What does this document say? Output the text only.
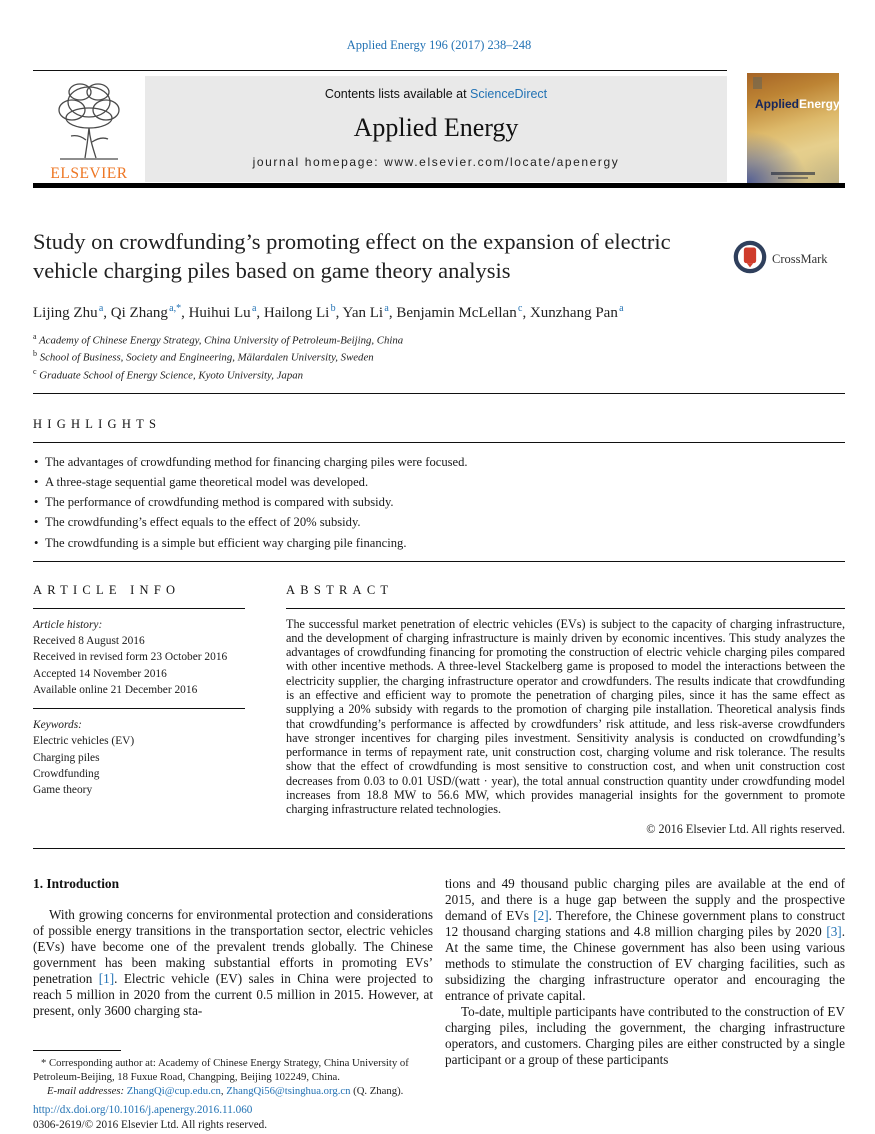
Applied Energy 196 (2017) 238–248
ELSEVIER
Contents lists available at ScienceDirect
Applied Energy
journal homepage: www.elsevier.com/locate/apenergy
AppliedEnergy
Study on crowdfunding’s promoting effect on the expansion of electric vehicle charging piles based on game theory analysis	CrossMark
Lijing Zhu $^a$ , Qi Zhang $^{a,*}$ , Huihui Lu $^a$ , Hailong Li $^b$ , Yan Li $^a$ , Benjamin McLellan $^c$ , Xunzhang Pan $^a$
$^a$ Academy of Chinese Energy Strategy, China University of Petroleum-Beijing, China
$^b$ School of Business, Society and Engineering, Mälardalen University, Sweden
$^c$ Graduate School of Energy Science, Kyoto University, Japan
HIGHLIGHTS
• The advantages of crowdfunding method for financing charging piles were focused.
• A three-stage sequential game theoretical model was developed.
• The performance of crowdfunding method is compared with subsidy.
• The crowdfunding’s effect equals to the effect of 20% subsidy.
• The crowdfunding is a simple but efficient way charging pile financing.
ARTICLE INFO
Article history:
Received 8 August 2016
Received in revised form 23 October 2016
Accepted 14 November 2016
Available online 21 December 2016
Keywords:
Electric vehicles (EV)
Charging piles
Crowdfunding
Game theory
ABSTRACT
The successful market penetration of electric vehicles (EVs) is subject to the capacity of charging infrastructure, and the development of charging infrastructure is mainly driven by economic incentives. This study analyzes the advantages of crowdfunding financing for promoting the construction of electric vehicle charging piles compared with other incentive methods. A three-level Stackelberg game is proposed to model the interactions between the electricity supplier, the charging infrastructure operator and crowdfunders. The results indicate that crowdfunding is an effective and efficient way to promote the penetration of charging piles, since it has the same effect as supplying a 20% subsidy with regards to the promotion of charging pile installation. Theoretical analysis finds that crowdfunding’s performance is affected by crowdfunders’ risk attitude, and less risk-averse crowdfunders have stronger incentives for charging piles investment. Sensitivity analysis is conducted on crowdfunding’s performance in terms of repayment rate, unit construction cost, charging volume and risk tolerance. The results show that the effect of crowdfunding is most sensitive to construction cost, and when unit construction cost decreases from 0.03 to 0.01 USD/(watt · year), the total annual construction quantity under crowdfunding model increases from 18.8 MW to 56.6 MW, which provides managerial insights for the government to promote charging infrastructure related technologies.
© 2016 Elsevier Ltd. All rights reserved.
1. Introduction

With growing concerns for environmental protection and considerations of possible energy transitions in the transportation sector, electric vehicles (EVs) have become one of the prevalent trends globally. The Chinese government has been making substantial efforts in promoting EVs’ penetration [1]. Electric vehicle (EV) sales in China were projected to reach 5 million in 2020 from the current 0.5 million in 2015. However, at present, only 3600 charging sta-

* Corresponding author at: Academy of Chinese Energy Strategy, China University of Petroleum-Beijing, 18 Fuxue Road, Changping, Beijing 102249, China.
E-mail addresses: ZhangQi@cup.edu.cn, ZhangQi56@tsinghua.org.cn (Q. Zhang).

tions and 49 thousand public charging piles are available at the end of 2015, and there is a huge gap between the supply and the prospective demand of EVs [2]. Therefore, the Chinese government plans to construct 12 thousand charging stations and 4.8 million charging piles by 2020 [3]. At the same time, the Chinese government has also been using various methods to stimulate the construction of EV charging facilities, such as subsidizing the charging infrastructure operator and encouraging the entrance of private capital.

To-date, multiple participants have contributed to the construction of EV charging piles, including the government, the charging infrastructure operators, and customers. Charging piles are either constructed by a single participant or a group of these participants

http://dx.doi.org/10.1016/j.apenergy.2016.11.060
0306-2619/© 2016 Elsevier Ltd. All rights reserved.
